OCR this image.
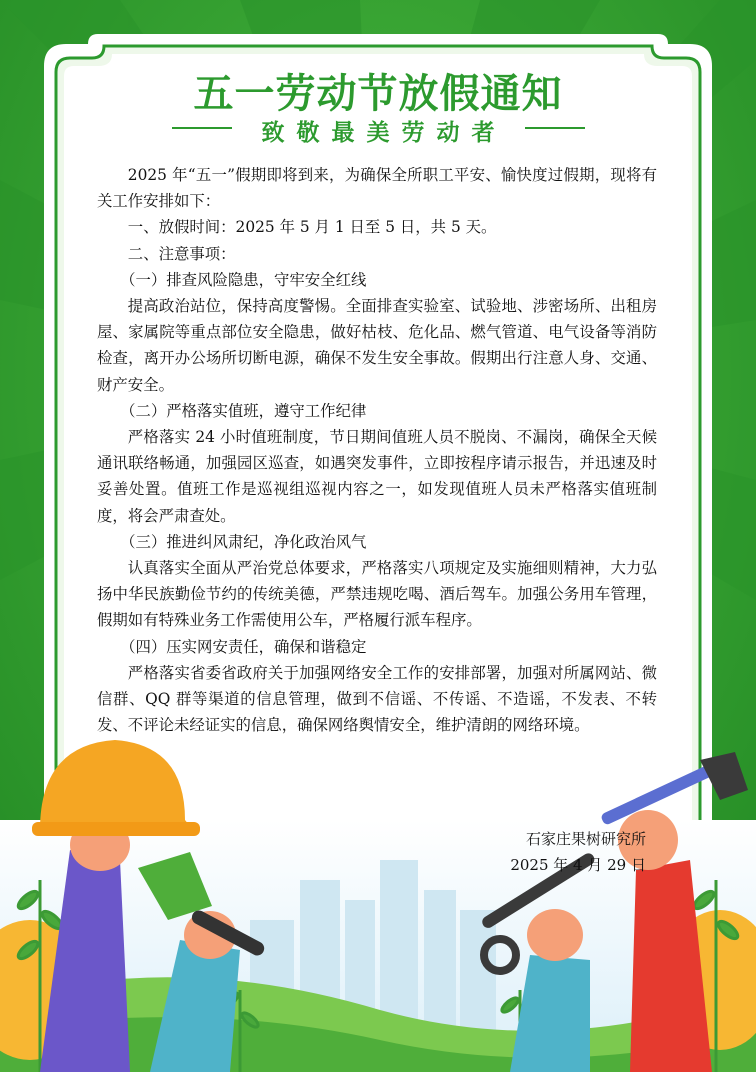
五一劳动节放假通知
致敬最美劳动者

2025 年“五一”假期即将到来，为确保全所职工平安、愉快度过假期，现将有关工作安排如下：

一、放假时间：2025 年 5 月 1 日至 5 日，共 5 天。

二、注意事项：

（一）排查风险隐患，守牢安全红线

提高政治站位，保持高度警惕。全面排查实验室、试验地、涉密场所、出租房屋、家属院等重点部位安全隐患，做好枯枝、危化品、燃气管道、电气设备等消防检查，离开办公场所切断电源，确保不发生安全事故。假期出行注意人身、交通、财产安全。

（二）严格落实值班，遵守工作纪律

严格落实 24 小时值班制度，节日期间值班人员不脱岗、不漏岗，确保全天候通讯联络畅通，加强园区巡查，如遇突发事件，立即按程序请示报告，并迅速及时妥善处置。值班工作是巡视组巡视内容之一，如发现值班人员未严格落实值班制度，将会严肃查处。

（三）推进纠风肃纪，净化政治风气

认真落实全面从严治党总体要求，严格落实八项规定及实施细则精神，大力弘扬中华民族勤俭节约的传统美德，严禁违规吃喝、酒后驾车。加强公务用车管理，假期如有特殊业务工作需使用公车，严格履行派车程序。

（四）压实网安责任，确保和谐稳定

严格落实省委省政府关于加强网络安全工作的安排部署，加强对所属网站、微信群、QQ 群等渠道的信息管理，做到不信谣、不传谣、不造谣，不发表、不转发、不评论未经证实的信息，确保网络舆情安全，维护清朗的网络环境。

石家庄果树研究所
2025 年 4 月 29 日
